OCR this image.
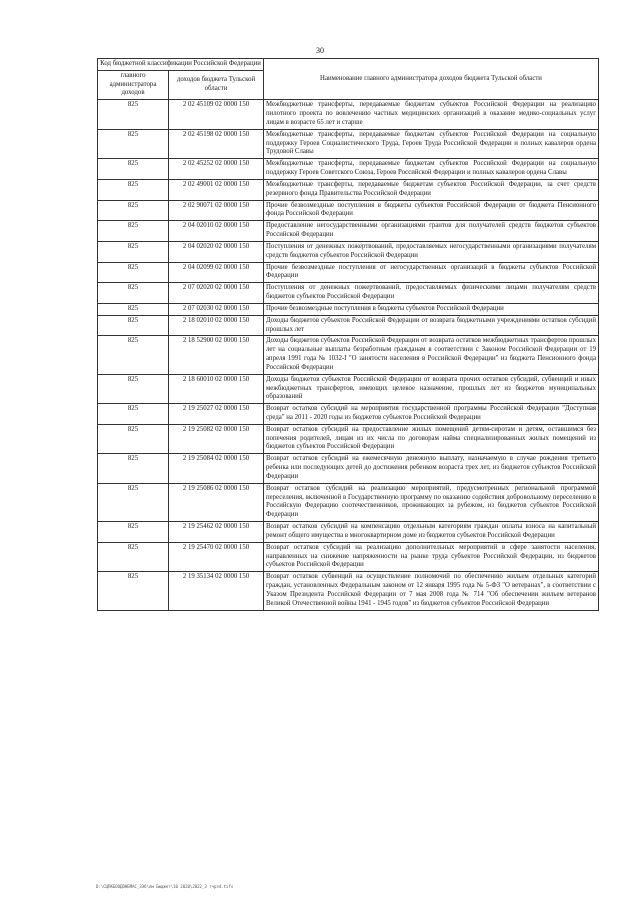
30
Код бюджетной классификации Российской Федерации		Наименование главного администратора доходов бюджета Тульской области
главного администратора доходов	доходов бюджета Тульской области	
825	2 02 45109 02 0000 150	Межбюджетные трансферты, передаваемые бюджетам субъектов Российской Федерации на реализацию пилотного проекта по вовлечению частных медицинских организаций в оказание медико-социальных услуг лицам в возрасте 65 лет и старше
825	2 02 45198 02 0000 150	Межбюджетные трансферты, передаваемые бюджетам субъектов Российской Федерации на социальную поддержку Героев Социалистического Труда, Героев Труда Российской Федерации и полных кавалеров ордена Трудовой Славы
825	2 02 45252 02 0000 150	Межбюджетные трансферты, передаваемые бюджетам субъектов Российской Федерации на социальную поддержку Героев Советского Союза, Героев Российской Федерации и полных кавалеров ордена Славы
825	2 02 49001 02 0000 150	Межбюджетные трансферты, передаваемые бюджетам субъектов Российской Федерации, за счет средств резервного фонда Правительства Российской Федерации
825	2 02 90071 02 0000 150	Прочие безвозмездные поступления в бюджеты субъектов Российской Федерации от бюджета Пенсионного фонда Российской Федерации
825	2 04 02010 02 0000 150	Предоставление негосударственными организациями грантов для получателей средств бюджетов субъектов Российской Федерации
825	2 04 02020 02 0000 150	Поступления от денежных пожертвований, предоставляемых негосударственными организациями получателям средств бюджетов субъектов Российской Федерации
825	2 04 02099 02 0000 150	Прочие безвозмездные поступления от негосударственных организаций в бюджеты субъектов Российской Федерации
825	2 07 02020 02 0000 150	Поступления от денежных пожертвований, предоставляемых физическими лицами получателям средств бюджетов субъектов Российской Федерации
825	2 07 02030 02 0000 150	Прочие безвозмездные поступления в бюджеты субъектов Российской Федерации
825	2 18 02010 02 0000 150	Доходы бюджетов субъектов Российской Федерации от возврата бюджетными учреждениями остатков субсидий прошлых лет
825	2 18 52900 02 0000 150	Доходы бюджетов субъектов Российской Федерации от возврата остатков межбюджетных трансфертов прошлых лет на социальные выплаты безработным гражданам в соответствии с Законом Российской Федерации от 19 апреля 1991 года № 1032-I "О занятости населения в Российской Федерации" из бюджета Пенсионного фонда Российской Федерации
825	2 18 60010 02 0000 150	Доходы бюджетов субъектов Российской Федерации от возврата прочих остатков субсидий, субвенций и иных межбюджетных трансфертов, имеющих целевое назначение, прошлых лет из бюджетов муниципальных образований
825	2 19 25027 02 0000 150	Возврат остатков субсидий на мероприятия государственной программы Российской Федерации "Доступная среда" на 2011 - 2020 годы из бюджетов субъектов Российской Федерации
825	2 19 25082 02 0000 150	Возврат остатков субсидий на предоставление жилых помещений детям-сиротам и детям, оставшимся без попечения родителей, лицам из их числа по договорам найма специализированных жилых помещений из бюджетов субъектов Российской Федерации
825	2 19 25084 02 0000 150	Возврат остатков субсидий на ежемесячную денежную выплату, назначаемую в случае рождения третьего ребенка или последующих детей до достижения ребенком возраста трех лет, из бюджетов субъектов Российской Федерации
825	2 19 25086 02 0000 150	Возврат остатков субсидий на реализацию мероприятий, предусмотренных региональной программой переселения, включенной в Государственную программу по оказанию содействия добровольному переселению в Российскую Федерацию соотечественников, проживающих за рубежом, из бюджетов субъектов Российской Федерации
825	2 19 25462 02 0000 150	Возврат остатков субсидий на компенсацию отдельным категориям граждан оплаты взноса на капитальный ремонт общего имущества в многоквартирном доме из бюджетов субъектов Российской Федерации
825	2 19 25470 02 0000 150	Возврат остатков субсидий на реализацию дополнительных мероприятий в сфере занятости населения, направленных на снижение напряженности на рынке труда субъектов Российской Федерации, из бюджетов субъектов Российской Федерации
825	2 19 35134 02 0000 150	Возврат остатков субвенций на осуществление полномочий по обеспечению жильем отдельных категорий граждан, установленных Федеральным законом от 12 января 1995 года № 5-ФЗ "О ветеранах", в соответствии с Указом Президента Российской Федерации от 7 мая 2008 года № 714 "Об обеспечении жильем ветеранов Великой Отечественной войны 1941 - 1945 годов" из бюджетов субъектов Российской Федерации
D:\СЦПКБООДОНБМАС_ЗЭб\лм Бюджет\10 2020\2022_3 тчрэ4.tifs
